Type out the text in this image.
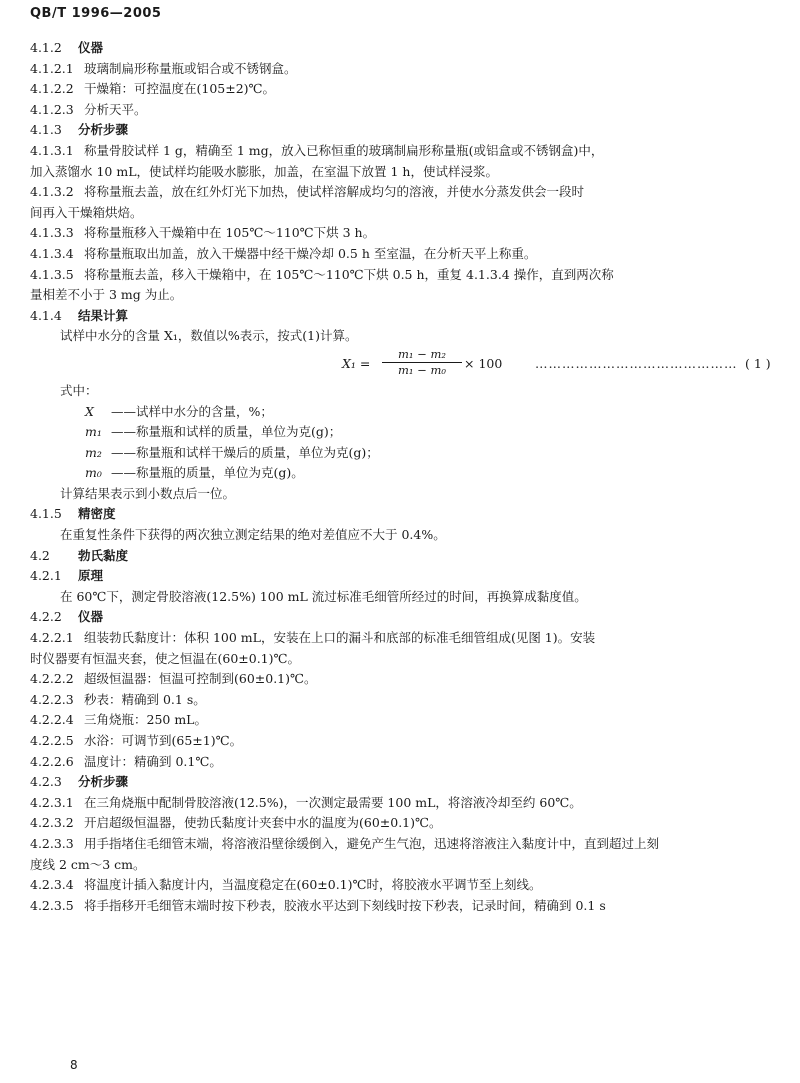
QB/T 1996—2005
4.1.2 仪器
4.1.2.1 玻璃制扁形称量瓶或铝合或不锈钢盒。
4.1.2.2 干燥箱：可控温度在(105±2)℃。
4.1.2.3 分析天平。
4.1.3 分析步骤
4.1.3.1 称量骨胶试样 1 g，精确至 1 mg，放入已称恒重的玻璃制扁形称量瓶(或铝盒或不锈钢盒)中，
加入蒸馏水 10 mL，使试样均能吸水膨胀，加盖，在室温下放置 1 h，使试样浸浆。
4.1.3.2 将称量瓶去盖，放在红外灯光下加热，使试样溶解成均匀的溶液，并使水分蒸发供会一段时
间再入干燥箱烘焙。
4.1.3.3 将称量瓶移入干燥箱中在 105℃～110℃下烘 3 h。
4.1.3.4 将称量瓶取出加盖，放入干燥器中经干燥冷却 0.5 h 至室温，在分析天平上称重。
4.1.3.5 将称量瓶去盖，移入干燥箱中，在 105℃～110℃下烘 0.5 h，重复 4.1.3.4 操作，直到两次称
量相差不小于 3 mg 为止。
4.1.4 结果计算
试样中水分的含量 X₁，数值以%表示，按式(1)计算。
$X_1 = \frac{\text{m₁ − m₂}}{\text{m₁ − m₀}} \times 100$	……………………………………… ( 1 )
式中：
X ——试样中水分的含量，%；
m₁ ——称量瓶和试样的质量，单位为克(g)；
m₂ ——称量瓶和试样干燥后的质量，单位为克(g)；
m₀ ——称量瓶的质量，单位为克(g)。
计算结果表示到小数点后一位。
4.1.5 精密度
在重复性条件下获得的两次独立测定结果的绝对差值应不大于 0.4%。
4.2 勃氏黏度
4.2.1 原理
在 60℃下，测定骨胶溶液(12.5%) 100 mL 流过标准毛细管所经过的时间，再换算成黏度值。
4.2.2 仪器
4.2.2.1 组装勃氏黏度计：体积 100 mL，安装在上口的漏斗和底部的标准毛细管组成(见图 1)。安装
时仪器要有恒温夹套，使之恒温在(60±0.1)℃。
4.2.2.2 超级恒温器：恒温可控制到(60±0.1)℃。
4.2.2.3 秒表：精确到 0.1 s。
4.2.2.4 三角烧瓶：250 mL。
4.2.2.5 水浴：可调节到(65±1)℃。
4.2.2.6 温度计：精确到 0.1℃。
4.2.3 分析步骤
4.2.3.1 在三角烧瓶中配制骨胶溶液(12.5%)，一次测定最需要 100 mL，将溶液冷却至约 60℃。
4.2.3.2 开启超级恒温器，使勃氏黏度计夹套中水的温度为(60±0.1)℃。
4.2.3.3 用手指堵住毛细管末端，将溶液沿壁徐缓倒入，避免产生气泡，迅速将溶液注入黏度计中，直到超过上刻
度线 2 cm～3 cm。
4.2.3.4 将温度计插入黏度计内，当温度稳定在(60±0.1)℃时，将胶液水平调节至上刻线。
4.2.3.5 将手指移开毛细管末端时按下秒表，胶液水平达到下刻线时按下秒表，记录时间，精确到 0.1 s
8
